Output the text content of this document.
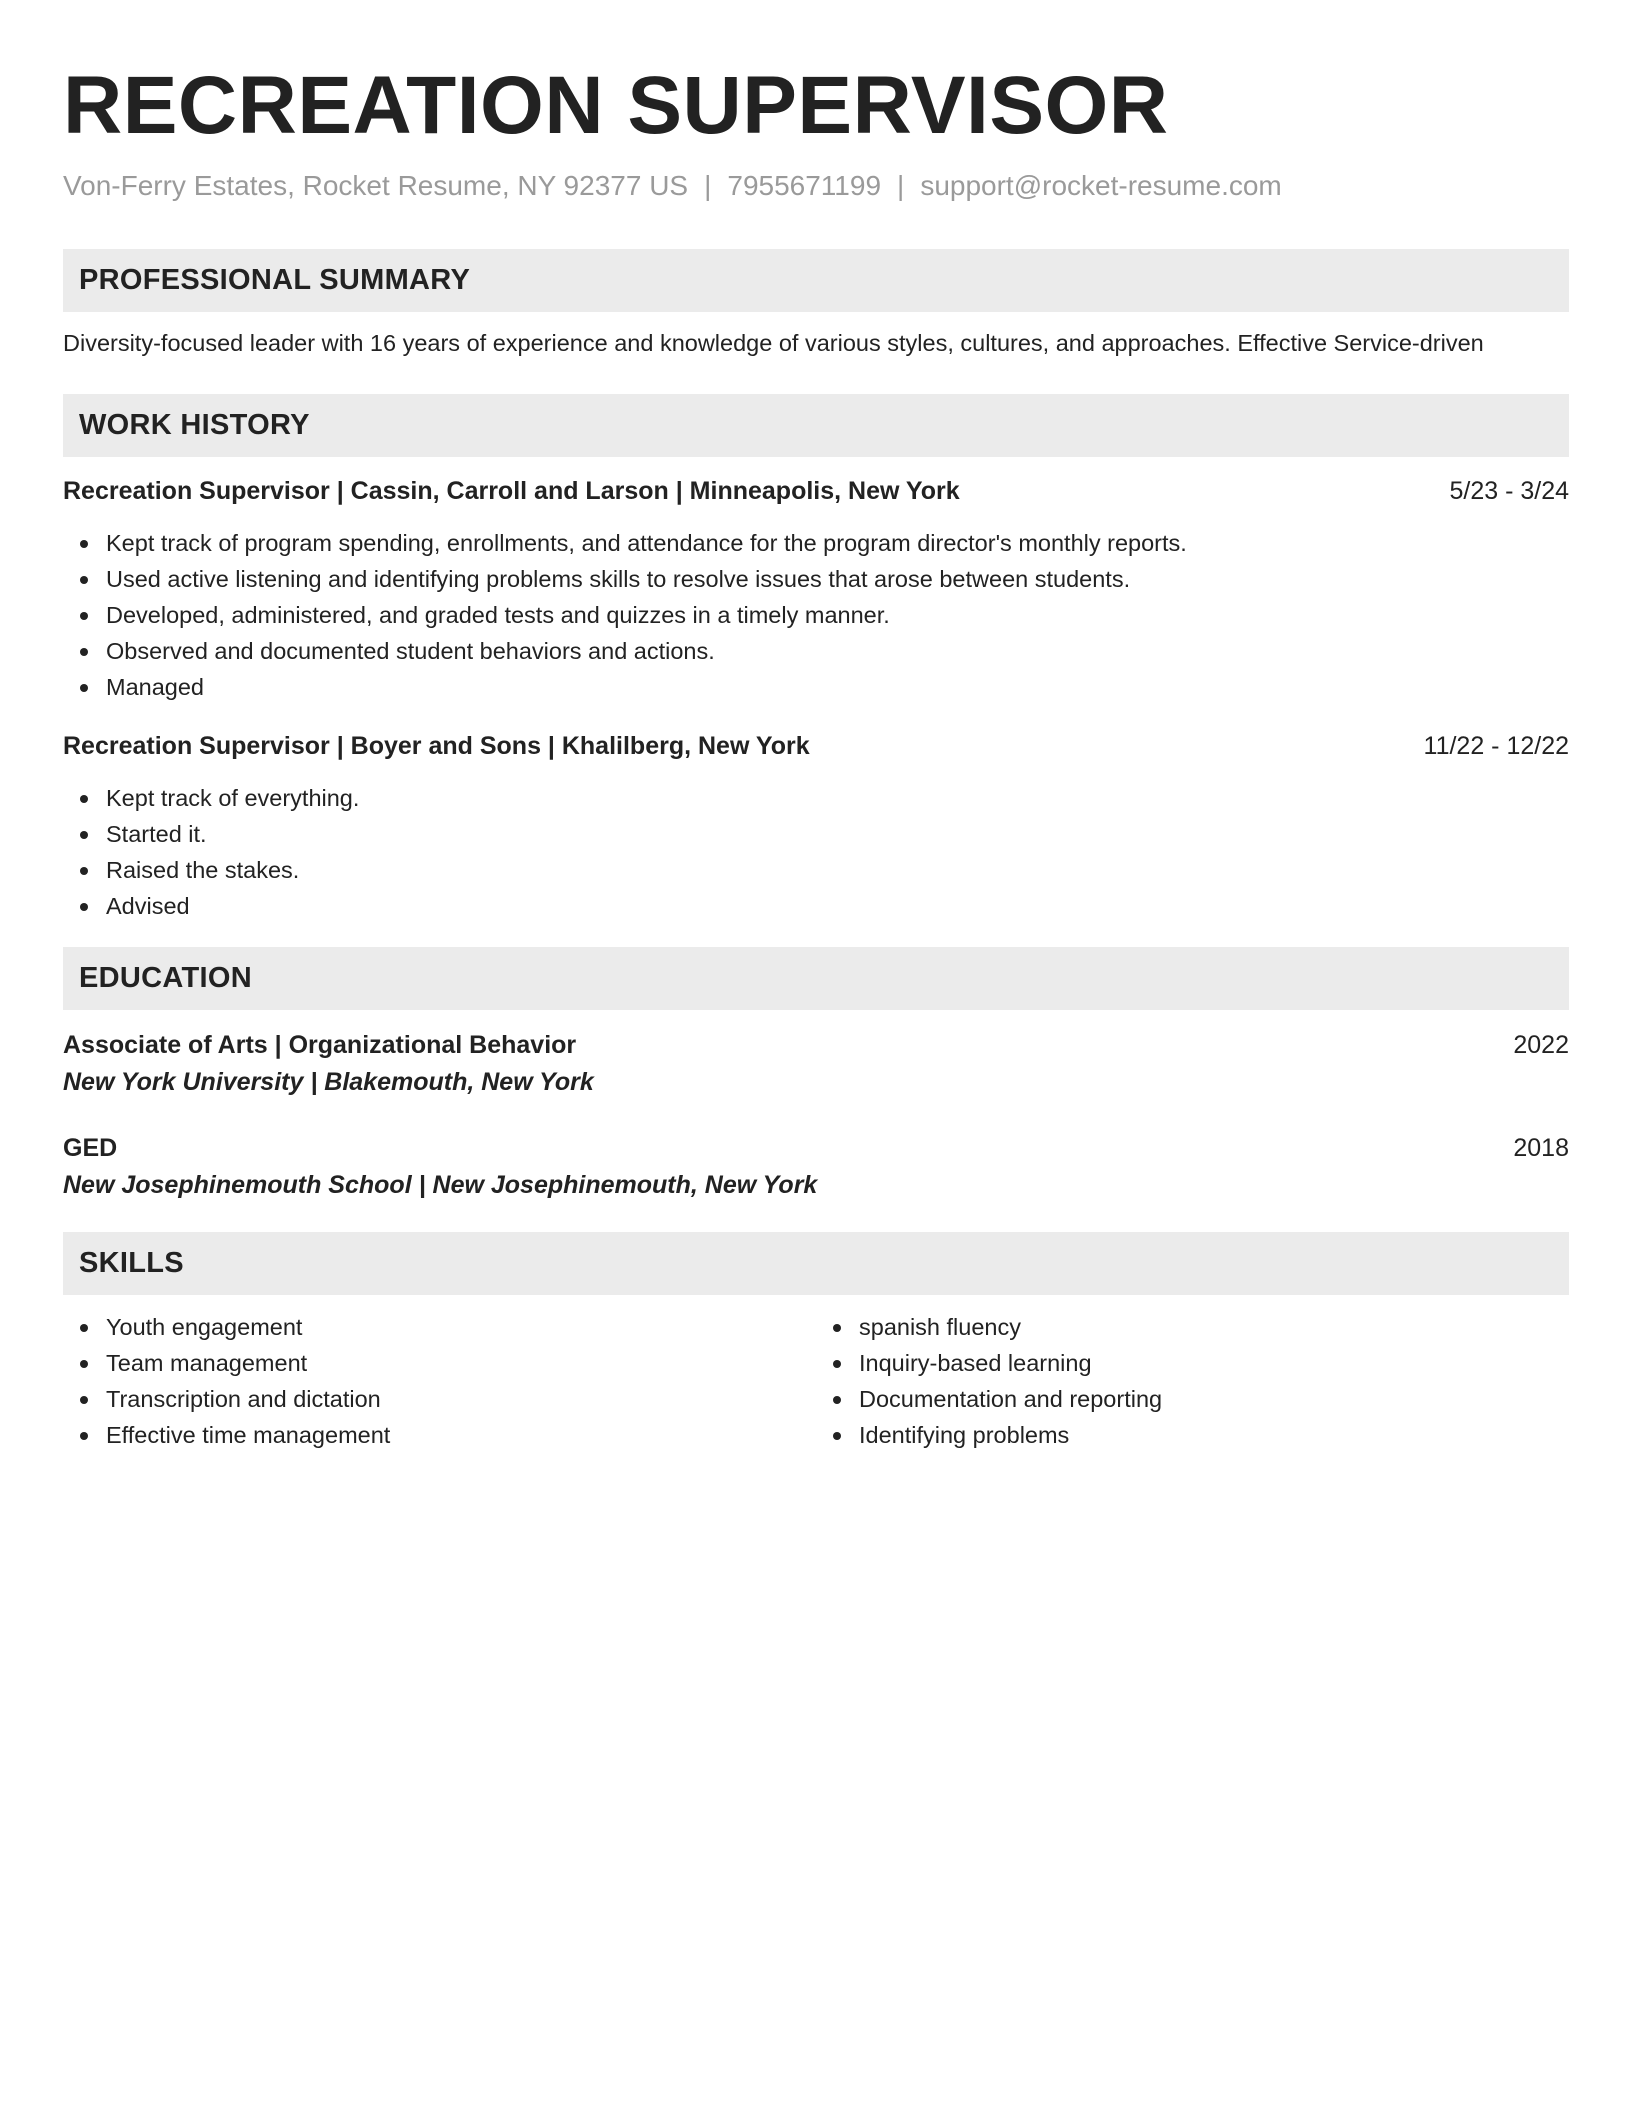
RECREATION SUPERVISOR
Von-Ferry Estates, Rocket Resume, NY 92377 US | 7955671199 | support@rocket-resume.com
PROFESSIONAL SUMMARY
Diversity-focused leader with 16 years of experience and knowledge of various styles, cultures, and approaches. Effective Service-driven
WORK HISTORY
Recreation Supervisor | Cassin, Carroll and Larson | Minneapolis, New York	5/23 - 3/24
Kept track of program spending, enrollments, and attendance for the program director's monthly reports.
Used active listening and identifying problems skills to resolve issues that arose between students.
Developed, administered, and graded tests and quizzes in a timely manner.
Observed and documented student behaviors and actions.
Managed
Recreation Supervisor | Boyer and Sons | Khalilberg, New York	11/22 - 12/22
Kept track of everything.
Started it.
Raised the stakes.
Advised
EDUCATION
Associate of Arts | Organizational Behavior	2022
New York University | Blakemouth, New York
GED	2018
New Josephinemouth School | New Josephinemouth, New York
SKILLS
Youth engagement
Team management
Transcription and dictation
Effective time management
spanish fluency
Inquiry-based learning
Documentation and reporting
Identifying problems
